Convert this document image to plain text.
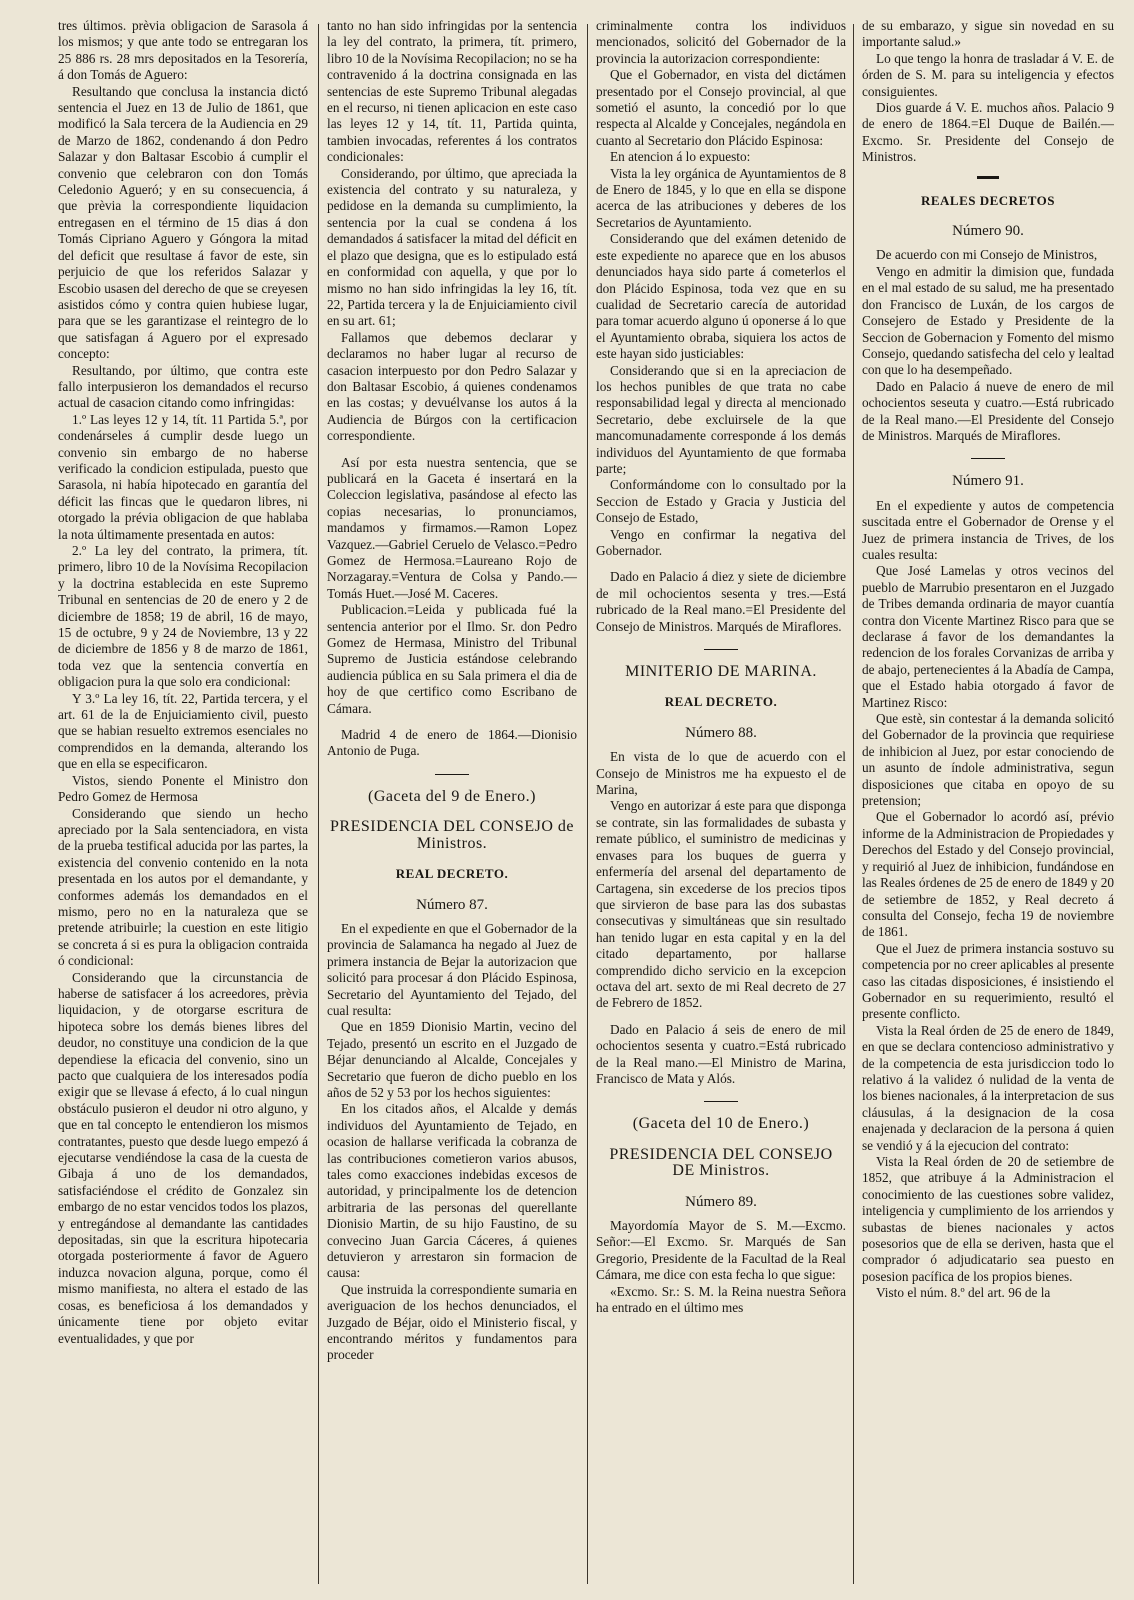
tres últimos. prèvia obligacion de Sarasola á los mismos; y que ante todo se entregaran los 25 886 rs. 28 mrs depositados en la Tesorería, á don Tomás de Aguero:

Resultando que conclusa la instancia dictó sentencia el Juez en 13 de Julio de 1861, que modificó la Sala tercera de la Audiencia en 29 de Marzo de 1862, condenando á don Pedro Salazar y don Baltasar Escobio á cumplir el convenio que celebraron con don Tomás Celedonio Agueró; y en su consecuencia, á que prèvia la correspondiente liquidacion entregasen en el término de 15 dias á don Tomás Cipriano Aguero y Góngora la mitad del deficit que resultase á favor de este, sin perjuicio de que los referidos Salazar y Escobio usasen del derecho de que se creyesen asistidos cómo y contra quien hubiese lugar, para que se les garantizase el reintegro de lo que satisfagan á Aguero por el expresado concepto:

Resultando, por último, que contra este fallo interpusieron los demandados el recurso actual de casacion citando como infringidas:

1.º Las leyes 12 y 14, tít. 11 Partida 5.ª, por condenárseles á cumplir desde luego un convenio sin embargo de no haberse verificado la condicion estipulada, puesto que Sarasola, ni había hipotecado en garantía del déficit las fincas que le quedaron libres, ni otorgado la prévia obligacion de que hablaba la nota últimamente presentada en autos:

2.º La ley del contrato, la primera, tít. primero, libro 10 de la Novísima Recopilacion y la doctrina establecida en este Supremo Tribunal en sentencias de 20 de enero y 2 de diciembre de 1858; 19 de abril, 16 de mayo, 15 de octubre, 9 y 24 de Noviembre, 13 y 22 de diciembre de 1856 y 8 de marzo de 1861, toda vez que la sentencia convertía en obligacion pura la que solo era condicional:

Y 3.º La ley 16, tít. 22, Partida tercera, y el art. 61 de la de Enjuiciamiento civil, puesto que se habian resuelto extremos esenciales no comprendidos en la demanda, alterando los que en ella se especificaron.

Vistos, siendo Ponente el Ministro don Pedro Gomez de Hermosa

Considerando que siendo un hecho apreciado por la Sala sentenciadora, en vista de la prueba testifical aducida por las partes, la existencia del convenio contenido en la nota presentada en los autos por el demandante, y conformes además los demandados en el mismo, pero no en la naturaleza que se pretende atribuirle; la cuestion en este litigio se concreta á si es pura la obligacion contraida ó condicional:

Considerando que la circunstancia de haberse de satisfacer á los acreedores, prèvia liquidacion, y de otorgarse escritura de hipoteca sobre los demás bienes libres del deudor, no constituye una condicion de la que dependiese la eficacia del convenio, sino un pacto que cualquiera de los interesados podía exigir que se llevase á efecto, á lo cual ningun obstáculo pusieron el deudor ni otro alguno, y que en tal concepto le entendieron los mismos contratantes, puesto que desde luego empezó á ejecutarse vendiéndose la casa de la cuesta de Gibaja á uno de los demandados, satisfaciéndose el crédito de Gonzalez sin embargo de no estar vencidos todos los plazos, y entregándose al demandante las cantidades depositadas, sin que la escritura hipotecaria otorgada posteriormente á favor de Aguero induzca novacion alguna, porque, como él mismo manifiesta, no altera el estado de las cosas, es beneficiosa á los demandados y únicamente tiene por objeto evitar eventualidades, y que por

tanto no han sido infringidas por la sentencia la ley del contrato, la primera, tít. primero, libro 10 de la Novísima Recopilacion; no se ha contravenido á la doctrina consignada en las sentencias de este Supremo Tribunal alegadas en el recurso, ni tienen aplicacion en este caso las leyes 12 y 14, tít. 11, Partida quinta, tambien invocadas, referentes á los contratos condicionales:

Considerando, por último, que apreciada la existencia del contrato y su naturaleza, y pedidose en la demanda su cumplimiento, la sentencia por la cual se condena á los demandados á satisfacer la mitad del déficit en el plazo que designa, que es lo estipulado está en conformidad con aquella, y que por lo mismo no han sido infringidas la ley 16, tít. 22, Partida tercera y la de Enjuiciamiento civil en su art. 61;

Fallamos que debemos declarar y declaramos no haber lugar al recurso de casacion interpuesto por don Pedro Salazar y don Baltasar Escobio, á quienes condenamos en las costas; y devuélvanse los autos á la Audiencia de Búrgos con la certificacion correspondiente.

Así por esta nuestra sentencia, que se publicará en la Gaceta é insertará en la Coleccion legislativa, pasándose al efecto las copias necesarias, lo pronunciamos, mandamos y firmamos.—Ramon Lopez Vazquez.—Gabriel Ceruelo de Velasco.=Pedro Gomez de Hermosa.=Laureano Rojo de Norzagaray.=Ventura de Colsa y Pando.—Tomás Huet.—José M. Caceres.

Publicacion.=Leida y publicada fué la sentencia anterior por el Ilmo. Sr. don Pedro Gomez de Hermasa, Ministro del Tribunal Supremo de Justicia estándose celebrando audiencia pública en su Sala primera el dia de hoy de que certifico como Escribano de Cámara.

Madrid 4 de enero de 1864.—Dionisio Antonio de Puga.

(Gaceta del 9 de Enero.)
PRESIDENCIA DEL CONSEJO de Ministros.
REAL DECRETO.
Número 87.

En el expediente en que el Gobernador de la provincia de Salamanca ha negado al Juez de primera instancia de Bejar la autorizacion que solicitó para procesar á don Plácido Espinosa, Secretario del Ayuntamiento del Tejado, del cual resulta:

Que en 1859 Dionisio Martin, vecino del Tejado, presentó un escrito en el Juzgado de Béjar denunciando al Alcalde, Concejales y Secretario que fueron de dicho pueblo en los años de 52 y 53 por los hechos siguientes:

En los citados años, el Alcalde y demás individuos del Ayuntamiento de Tejado, en ocasion de hallarse verificada la cobranza de las contribuciones cometieron varios abusos, tales como exacciones indebidas excesos de autoridad, y principalmente los de detencion arbitraria de las personas del querellante Dionisio Martin, de su hijo Faustino, de su convecino Juan Garcia Cáceres, á quienes detuvieron y arrestaron sin formacion de causa:

Que instruida la correspondiente sumaria en averiguacion de los hechos denunciados, el Juzgado de Béjar, oido el Ministerio fiscal, y encontrando méritos y fundamentos para proceder

criminalmente contra los individuos mencionados, solicitó del Gobernador de la provincia la autorizacion correspondiente:

Que el Gobernador, en vista del dictámen presentado por el Consejo provincial, al que sometió el asunto, la concedió por lo que respecta al Alcalde y Concejales, negándola en cuanto al Secretario don Plácido Espinosa:

En atencion á lo expuesto:

Vista la ley orgánica de Ayuntamientos de 8 de Enero de 1845, y lo que en ella se dispone acerca de las atribuciones y deberes de los Secretarios de Ayuntamiento.

Considerando que del exámen detenido de este expediente no aparece que en los abusos denunciados haya sido parte á cometerlos el don Plácido Espinosa, toda vez que en su cualidad de Secretario carecía de autoridad para tomar acuerdo alguno ú oponerse á lo que el Ayuntamiento obraba, siquiera los actos de este hayan sido justiciables:

Considerando que si en la apreciacion de los hechos punibles de que trata no cabe responsabilidad legal y directa al mencionado Secretario, debe excluirsele de la que mancomunadamente corresponde á los demás individuos del Ayuntamiento de que formaba parte;

Conformándome con lo consultado por la Seccion de Estado y Gracia y Justicia del Consejo de Estado,

Vengo en confirmar la negativa del Gobernador.

Dado en Palacio á diez y siete de diciembre de mil ochocientos sesenta y tres.—Está rubricado de la Real mano.=El Presidente del Consejo de Ministros. Marqués de Miraflores.

MINITERIO DE MARINA.
REAL DECRETO.
Número 88.

En vista de lo que de acuerdo con el Consejo de Ministros me ha expuesto el de Marina,

Vengo en autorizar á este para que disponga se contrate, sin las formalidades de subasta y remate público, el suministro de medicinas y envases para los buques de guerra y enfermería del arsenal del departamento de Cartagena, sin excederse de los precios tipos que sirvieron de base para las dos subastas consecutivas y simultáneas que sin resultado han tenido lugar en esta capital y en la del citado departamento, por hallarse comprendido dicho servicio en la excepcion octava del art. sexto de mi Real decreto de 27 de Febrero de 1852.

Dado en Palacio á seis de enero de mil ochocientos sesenta y cuatro.=Está rubricado de la Real mano.—El Ministro de Marina, Francisco de Mata y Alós.

(Gaceta del 10 de Enero.)
PRESIDENCIA DEL CONSEJO DE Ministros.
Número 89.

Mayordomía Mayor de S. M.—Excmo. Señor:—El Excmo. Sr. Marqués de San Gregorio, Presidente de la Facultad de la Real Cámara, me dice con esta fecha lo que sigue:

«Excmo. Sr.: S. M. la Reina nuestra Señora ha entrado en el último mes

de su embarazo, y sigue sin novedad en su importante salud.»

Lo que tengo la honra de trasladar á V. E. de órden de S. M. para su inteligencia y efectos consiguientes.

Dios guarde á V. E. muchos años. Palacio 9 de enero de 1864.=El Duque de Bailén.—Excmo. Sr. Presidente del Consejo de Ministros.

REALES DECRETOS
Número 90.

De acuerdo con mi Consejo de Ministros,

Vengo en admitir la dimision que, fundada en el mal estado de su salud, me ha presentado don Francisco de Luxán, de los cargos de Consejero de Estado y Presidente de la Seccion de Gobernacion y Fomento del mismo Consejo, quedando satisfecha del celo y lealtad con que lo ha desempeñado.

Dado en Palacio á nueve de enero de mil ochocientos seseuta y cuatro.—Está rubricado de la Real mano.—El Presidente del Consejo de Ministros. Marqués de Miraflores.

Número 91.

En el expediente y autos de competencia suscitada entre el Gobernador de Orense y el Juez de primera instancia de Trives, de los cuales resulta:

Que José Lamelas y otros vecinos del pueblo de Marrubio presentaron en el Juzgado de Tribes demanda ordinaria de mayor cuantía contra don Vicente Martinez Risco para que se declarase á favor de los demandantes la redencion de los forales Corvanizas de arriba y de abajo, pertenecientes á la Abadía de Campa, que el Estado habia otorgado á favor de Martinez Risco:

Que estè, sin contestar á la demanda solicitó del Gobernador de la provincia que requiriese de inhibicion al Juez, por estar conociendo de un asunto de índole administrativa, segun disposiciones que citaba en opoyo de su pretension;

Que el Gobernador lo acordó así, prévio informe de la Administracion de Propiedades y Derechos del Estado y del Consejo provincial, y requirió al Juez de inhibicion, fundándose en las Reales órdenes de 25 de enero de 1849 y 20 de setiembre de 1852, y Real decreto á consulta del Consejo, fecha 19 de noviembre de 1861.

Que el Juez de primera instancia sostuvo su competencia por no creer aplicables al presente caso las citadas disposiciones, é insistiendo el Gobernador en su requerimiento, resultó el presente conflicto.

Vista la Real órden de 25 de enero de 1849, en que se declara contencioso administrativo y de la competencia de esta jurisdiccion todo lo relativo á la validez ó nulidad de la venta de los bienes nacionales, á la interpretacion de sus cláusulas, á la designacion de la cosa enajenada y declaracion de la persona á quien se vendió y á la ejecucion del contrato:

Vista la Real órden de 20 de setiembre de 1852, que atribuye á la Administracion el conocimiento de las cuestiones sobre validez, inteligencia y cumplimiento de los arriendos y subastas de bienes nacionales y actos posesorios que de ella se deriven, hasta que el comprador ó adjudicatario sea puesto en posesion pacífica de los propios bienes.

Visto el núm. 8.º del art. 96 de la
